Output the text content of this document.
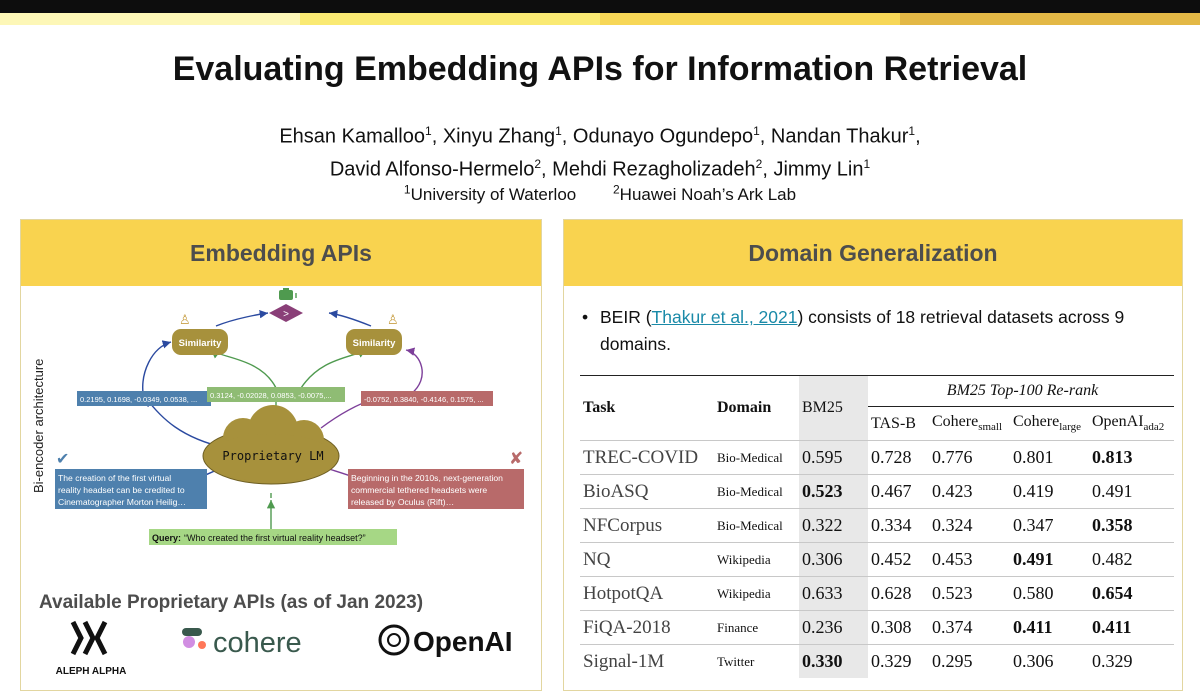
Evaluating Embedding APIs for Information Retrieval
Ehsan Kamalloo$^1$, Xinyu Zhang$^1$, Odunayo Ogundepo$^1$, Nandan Thakur$^1$,
David Alfonso-Hermelo$^2$, Mehdi Rezagholizadeh$^2$, Jimmy Lin$^1$
$^1$University of Waterloo	$^2$Huawei Noah’s Ark Lab
Embedding APIs
Bi-encoder architecture
>
♙	♙
Similarity	Similarity
0.2195, 0.1698, -0.0349, 0.0538, ... 0.3124, -0.02028, 0.0853, -0.0075,...	-0.0752, 0.3840, -0.4146, 0.1575, ...
Proprietary LM
✔	✘
The creation of the first virtual
reality headset can be credited to
Cinematographer Morton Heilig…
Beginning in the 2010s, next-generation
commercial tethered headsets were
released by Oculus (Rift)…
Query: “Who created the first virtual reality headset?”
Available Proprietary APIs (as of Jan 2023)
ALEPH ALPHA
cohere	OpenAI
Domain Generalization
• BEIR (Thakur et al., 2021) consists of 18 retrieval datasets across 9 domains.
Task	Domain	BM25	BM25 Top-100 Re-rank			
			TAS-B	Cohere$_{small}$	Cohere$_{large}$	OpenAI$_{ada2}$
TREC-COVID	Bio-Medical	0.595	0.728	0.776	0.801	0.813
BioASQ	Bio-Medical	0.523	0.467	0.423	0.419	0.491
NFCorpus	Bio-Medical	0.322	0.334	0.324	0.347	0.358
NQ	Wikipedia	0.306	0.452	0.453	0.491	0.482
HotpotQA	Wikipedia	0.633	0.628	0.523	0.580	0.654
FiQA-2018	Finance	0.236	0.308	0.374	0.411	0.411
Signal-1M	Twitter	0.330	0.329	0.295	0.306	0.329
